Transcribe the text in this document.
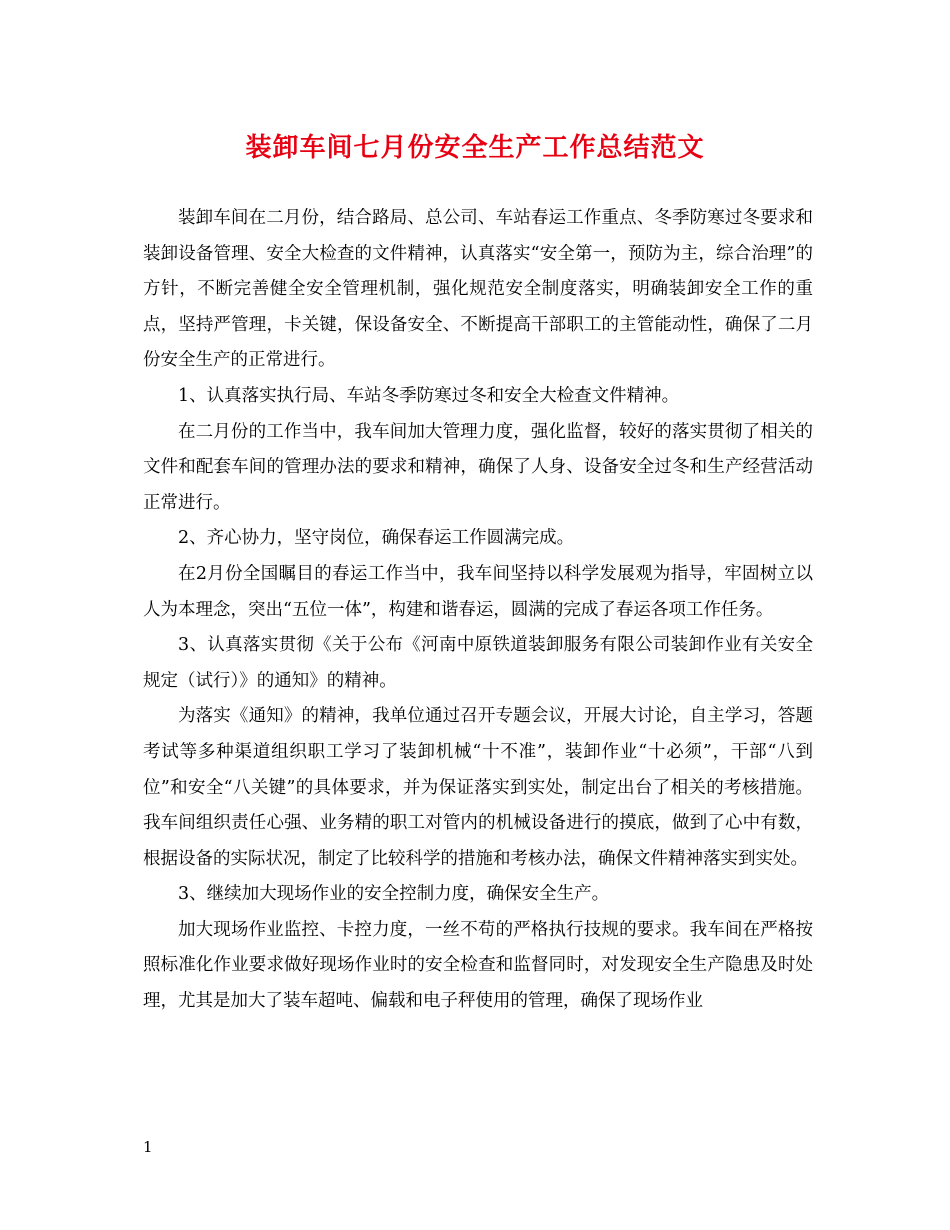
装卸车间七月份安全生产工作总结范文

装卸车间在二月份，结合路局、总公司、车站春运工作重点、冬季防寒过冬要求和装卸设备管理、安全大检查的文件精神，认真落实“安全第一，预防为主，综合治理”的方针，不断完善健全安全管理机制，强化规范安全制度落实，明确装卸安全工作的重点，坚持严管理，卡关键，保设备安全、不断提高干部职工的主管能动性，确保了二月份安全生产的正常进行。

1、认真落实执行局、车站冬季防寒过冬和安全大检查文件精神。

在二月份的工作当中，我车间加大管理力度，强化监督，较好的落实贯彻了相关的文件和配套车间的管理办法的要求和精神，确保了人身、设备安全过冬和生产经营活动正常进行。

2、齐心协力，坚守岗位，确保春运工作圆满完成。

在2月份全国瞩目的春运工作当中，我车间坚持以科学发展观为指导，牢固树立以人为本理念，突出“五位一体”，构建和谐春运，圆满的完成了春运各项工作任务。

3、认真落实贯彻《关于公布《河南中原铁道装卸服务有限公司装卸作业有关安全规定（试行）》的通知》的精神。

为落实《通知》的精神，我单位通过召开专题会议，开展大讨论，自主学习，答题考试等多种渠道组织职工学习了装卸机械“十不准”，装卸作业“十必须”，干部“八到位”和安全“八关键”的具体要求，并为保证落实到实处，制定出台了相关的考核措施。我车间组织责任心强、业务精的职工对管内的机械设备进行的摸底，做到了心中有数，根据设备的实际状况，制定了比较科学的措施和考核办法，确保文件精神落实到实处。

3、继续加大现场作业的安全控制力度，确保安全生产。

加大现场作业监控、卡控力度，一丝不苟的严格执行技规的要求。我车间在严格按照标准化作业要求做好现场作业时的安全检查和监督同时，对发现安全生产隐患及时处理，尤其是加大了装车超吨、偏载和电子秤使用的管理，确保了现场作业

1
